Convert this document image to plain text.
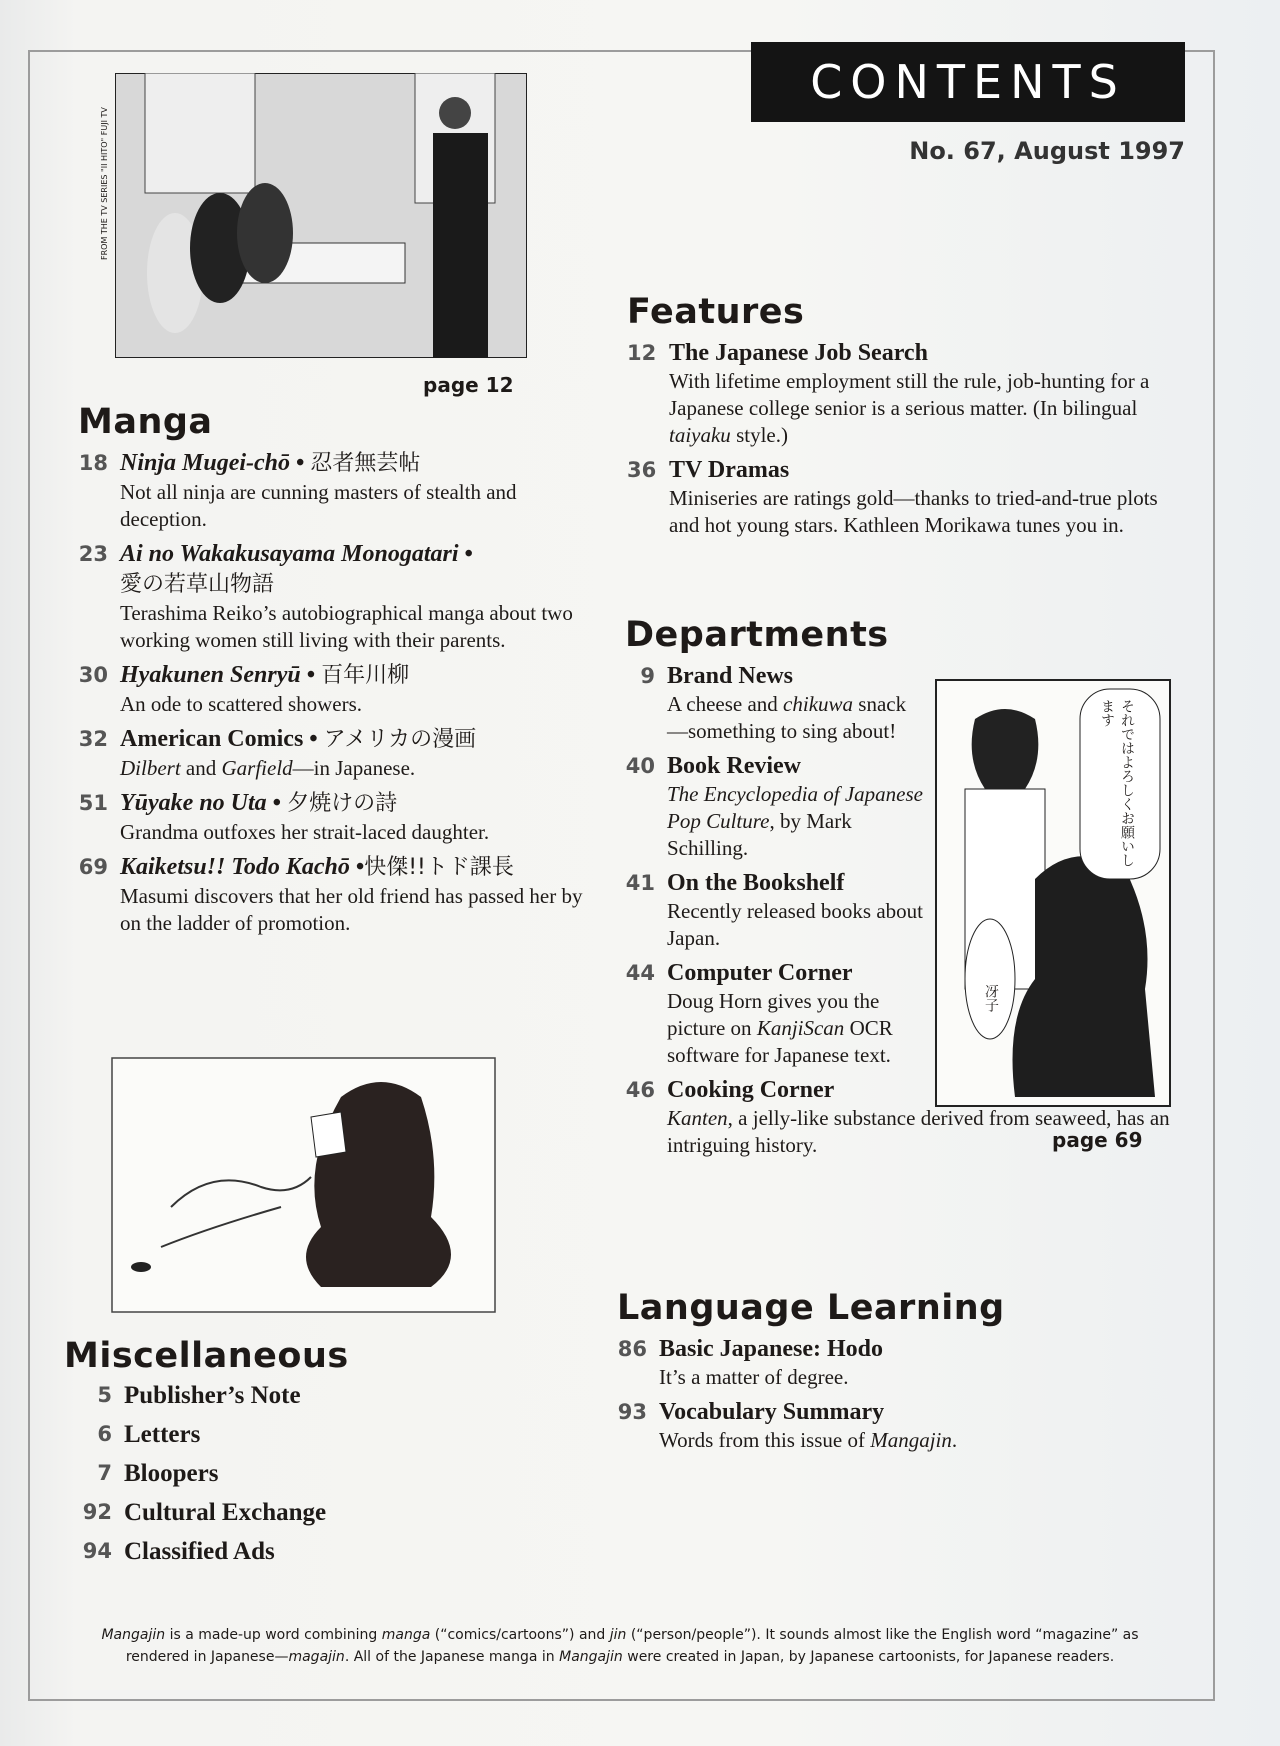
FROM THE TV SERIES "II HITO" FUJI TV
page 12
CONTENTS
No. 67, August 1997
Manga
18 Ninja Mugei-chō • 忍者無芸帖
Not all ninja are cunning masters of stealth and deception.
23 Ai no Wakakusayama Monogatari •
愛の若草山物語
Terashima Reiko’s autobiographical manga about two working women still living with their parents.
30 Hyakunen Senryū • 百年川柳
An ode to scattered showers.
32 American Comics • アメリカの漫画
Dilbert and Garfield—in Japanese.
51 Yūyake no Uta • 夕焼けの詩
Grandma outfoxes her strait-laced daughter.
69 Kaiketsu!! Todo Kachō •快傑!!トド課長
Masumi discovers that her old friend has passed her by on the ladder of promotion.
Miscellaneous
5 Publisher’s Note
6 Letters
7 Bloopers
92 Cultural Exchange
94 Classified Ads
Features
12 The Japanese Job Search
With lifetime employment still the rule, job-hunting for a Japanese college senior is a serious matter. (In bilingual taiyaku style.)
36 TV Dramas
Miniseries are ratings gold—thanks to tried-and-true plots and hot young stars. Kathleen Morikawa tunes you in.
Departments
9 Brand News
A cheese and chikuwa snack—something to sing about!
40 Book Review
The Encyclopedia of Japanese Pop Culture, by Mark Schilling.
41 On the Bookshelf
Recently released books about Japan.
44 Computer Corner
Doug Horn gives you the picture on KanjiScan OCR software for Japanese text.
46 Cooking Corner
Kanten, a jelly-like substance derived from seaweed, has an intriguing history.
それではよろしくお願いします
冴子
page 69
Language Learning
86 Basic Japanese: Hodo
It’s a matter of degree.
93 Vocabulary Summary
Words from this issue of Mangajin.
Mangajin is a made-up word combining manga (“comics/cartoons”) and jin (“person/people”). It sounds almost like the English word “magazine” as rendered in Japanese—magajin. All of the Japanese manga in Mangajin were created in Japan, by Japanese cartoonists, for Japanese readers.
